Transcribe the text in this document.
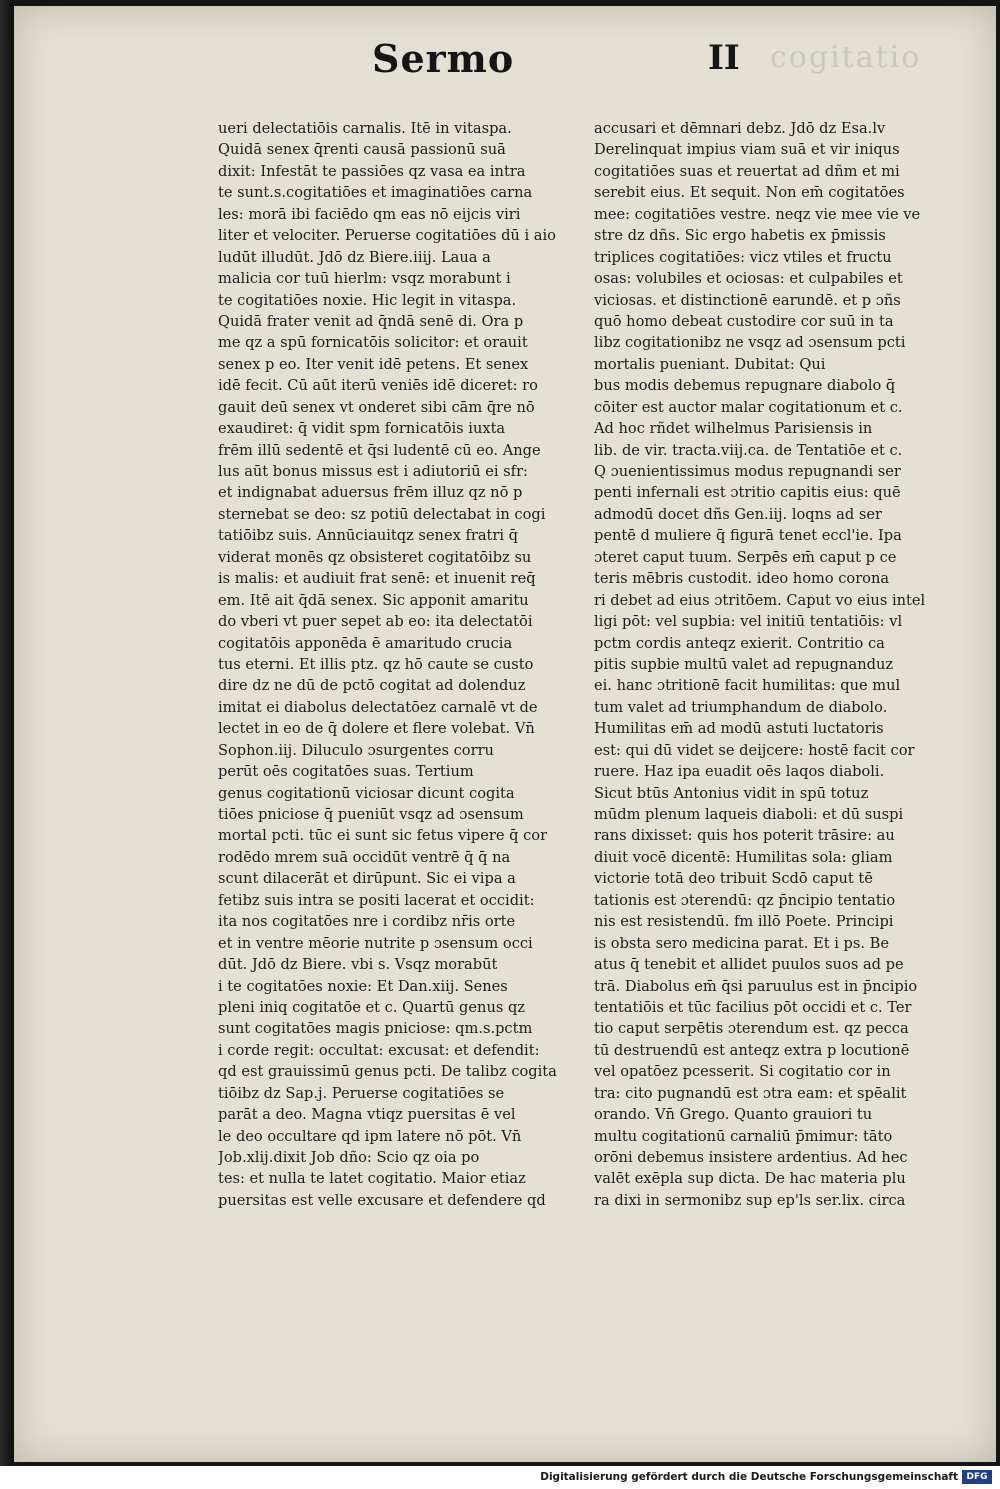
cogitatio
Sermo	II
ueri delectatiōis carnalis. Itē in vitaspa.
Quidā senex q̄renti causā passionū suā
dixit: Infestāt te passiōes qz vasa ea intra
te sunt.s.cogitatiōes et imaginatiōes carna
les: morā ibi faciēdo qm eas nō eijcis viri
liter et velociter. Peruerse cogitatiōes dū i aio
ludūt illudūt. Jdō dz Biere.iiij. Laua a
malicia cor tuū hierlm: vsqz morabunt i
te cogitatiōes noxie. Hic legit in vitaspa.
Quidā frater venit ad q̄ndā senē di. Ora p
me qz a spū fornicatōis solicitor: et orauit
senex p eo. Iter venit idē petens. Et senex
idē fecit. Cū aūt iterū veniēs idē diceret: ro
gauit deū senex vt onderet sibi cām q̄re nō
exaudiret: q̄ vidit spm fornicatōis iuxta
frēm illū sedentē et q̄si ludentē cū eo. Ange
lus aūt bonus missus est i adiutoriū ei sfr:
et indignabat aduersus frēm illuz qz nō p
sternebat se deo: sz potiū delectabat in cogi
tatiōibz suis. Annūciauitqz senex fratri q̄
viderat monēs qz obsisteret cogitatōibz su
is malis: et audiuit frat senē: et inuenit req̄
em. Itē ait q̄dā senex. Sic apponit amaritu
do vberi vt puer sepet ab eo: ita delectatōi
cogitatōis apponēda ē amaritudo crucia
tus eterni. Et illis ptz. qz hō caute se custo
dire dz ne dū de pctō cogitat ad dolenduz
imitat ei diabolus delectatōez carnalē vt de
lectet in eo de q̄ dolere et flere volebat. Vn̄
Sophon.iij. Diluculo ɔsurgentes corru
perūt oēs cogitatōes suas. Tertium
genus cogitationū viciosar dicunt cogita
tiōes pniciose q̄ pueniūt vsqz ad ɔsensum
mortal pcti. tūc ei sunt sic fetus vipere q̄ cor
rodēdo mrem suā occidūt ventrē q̄ q̄ na
scunt dilacerāt et dirūpunt. Sic ei vipa a
fetibz suis intra se positi lacerat et occidit:
ita nos cogitatōes nre i cordibz nr̄is orte
et in ventre mēorie nutrite p ɔsensum occi
dūt. Jdō dz Biere. vbi s. Vsqz morabūt
i te cogitatōes noxie: Et Dan.xiij. Senes
pleni iniq cogitatōe et c. Quartū genus qz
sunt cogitatōes magis pniciose: qm.s.pctm
i corde regit: occultat: excusat: et defendit:
qd est grauissimū genus pcti. De talibz cogita
tiōibz dz Sap.j. Peruerse cogitatiōes se
parāt a deo. Magna vtiqz puersitas ē vel
le deo occultare qd ipm latere nō pōt. Vn̄
Job.xlij.dixit Job dño: Scio qz oia po
tes: et nulla te latet cogitatio. Maior etiaz
puersitas est velle excusare et defendere qd
accusari et dēmnari debz. Jdō dz Esa.lv
Derelinquat impius viam suā et vir iniqus
cogitatiōes suas et reuertat ad dñm et mi
serebit eius. Et sequit. Non em̄ cogitatōes
mee: cogitatiōes vestre. neqz vie mee vie ve
stre dz dñs. Sic ergo habetis ex p̄missis
triplices cogitatiōes: vicz vtiles et fructu
osas: volubiles et ociosas: et culpabiles et
viciosas. et distinctionē earundē. et p ɔñs
quō homo debeat custodire cor suū in ta
libz cogitationibz ne vsqz ad ɔsensum pcti
mortalis pueniant. Dubitat: Qui
bus modis debemus repugnare diabolo q̄
cōiter est auctor malar cogitationum et c.
Ad hoc rñdet wilhelmus Parisiensis in
lib. de vir. tracta.viij.ca. de Tentatiōe et c.
Q ɔuenientissimus modus repugnandi ser
penti infernali est ɔtritio capitis eius: quē
admodū docet dñs Gen.iij. loqns ad ser
pentē d muliere q̄ figurā tenet eccl'ie. Ipa
ɔteret caput tuum. Serpēs em̄ caput p ce
teris mēbris custodit. ideo homo corona
ri debet ad eius ɔtritōem. Caput vo eius intel
ligi pōt: vel supbia: vel initiū tentatiōis: vl
pctm cordis anteqz exierit. Contritio ca
pitis supbie multū valet ad repugnanduz
ei. hanc ɔtritionē facit humilitas: que mul
tum valet ad triumphandum de diabolo.
Humilitas em̄ ad modū astuti luctatoris
est: qui dū videt se deijcere: hostē facit cor
ruere. Haz ipa euadit oēs laqos diaboli.
Sicut btūs Antonius vidit in spū totuz
mūdm plenum laqueis diaboli: et dū suspi
rans dixisset: quis hos poterit trāsire: au
diuit vocē dicentē: Humilitas sola: gliam
victorie totā deo tribuit Scdō caput tē
tationis est ɔterendū: qz p̄ncipio tentatio
nis est resistendū. fm illō Poete. Principi
is obsta sero medicina parat. Et i ps. Be
atus q̄ tenebit et allidet puulos suos ad pe
trā. Diabolus em̄ q̄si paruulus est in p̄ncipio
tentatiōis et tūc facilius pōt occidi et c. Ter
tio caput serpētis ɔterendum est. qz pecca
tū destruendū est anteqz extra p locutionē
vel opatōez pcesserit. Si cogitatio cor in
tra: cito pugnandū est ɔtra eam: et spēalit
orando. Vn̄ Grego. Quanto grauiori tu
multu cogitationū carnaliū p̄mimur: tāto
orōni debemus insistere ardentius. Ad hec
valēt exēpla sup dicta. De hac materia plu
ra dixi in sermonibz sup ep'ls ser.lix. circa
Digitalisierung gefördert durch die Deutsche Forschungsgemeinschaft DFG
